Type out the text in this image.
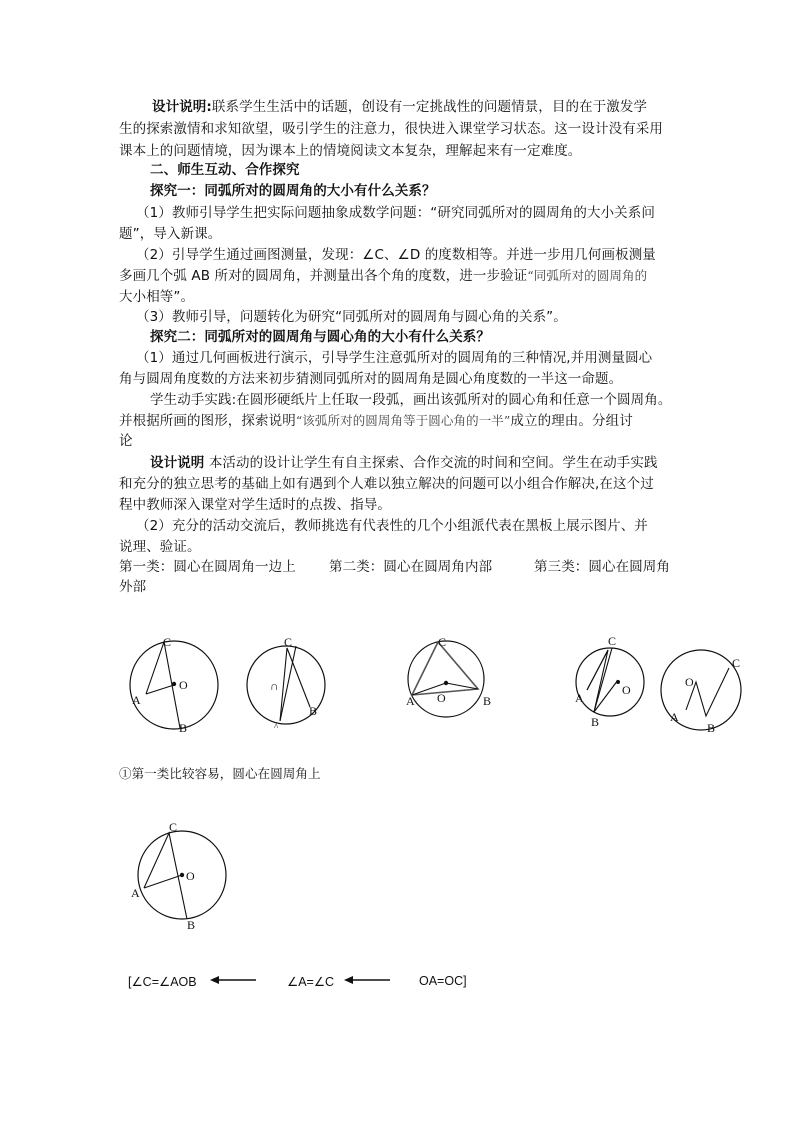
设计说明:联系学生生活中的话题，创设有一定挑战性的问题情景，目的在于激发学
生的探索激情和求知欲望，吸引学生的注意力，很快进入课堂学习状态。这一设计没有采用
课本上的问题情境，因为课本上的情境阅读文本复杂，理解起来有一定难度。
二、师生互动、合作探究
探究一：同弧所对的圆周角的大小有什么关系？
（1）教师引导学生把实际问题抽象成数学问题：“研究同弧所对的圆周角的大小关系问
题”，导入新课。
（2）引导学生通过画图测量，发现：∠C、∠D 的度数相等。并进一步用几何画板测量
多画几个弧 AB 所对的圆周角，并测量出各个角的度数，进一步验证“同弧所对的圆周角的
大小相等”。
（3）教师引导，问题转化为研究“同弧所对的圆周角与圆心角的关系”。
探究二：同弧所对的圆周角与圆心角的大小有什么关系？
（1）通过几何画板进行演示，引导学生注意弧所对的圆周角的三种情况,并用测量圆心
角与圆周角度数的方法来初步猜测同弧所对的圆周角是圆心角度数的一半这一命题。
学生动手实践:在圆形硬纸片上任取一段弧，画出该弧所对的圆心角和任意一个圆周角。
并根据所画的图形，探索说明“该弧所对的圆周角等于圆心角的一半”成立的理由。分组讨
论
设计说明 本活动的设计让学生有自主探索、合作交流的时间和空间。学生在动手实践
和充分的独立思考的基础上如有遇到个人难以独立解决的问题可以小组合作解决,在这个过
程中教师深入课堂对学生适时的点拨、指导。
（2）充分的活动交流后，教师挑选有代表性的几个小组派代表在黑板上展示图片、并
说理、验证。
第一类：圆心在圆周角一边上 第二类：圆心在圆周角内部	第三类：圆心在圆周角
外部
C
O
A
B
C
∩
^
B
C
A O	B
C
O
A
B
O
C
A
B
①第一类比较容易，圆心在圆周角上
C
O
A
B
[∠C=∠AOB	∠A=∠C	OA=OC]
